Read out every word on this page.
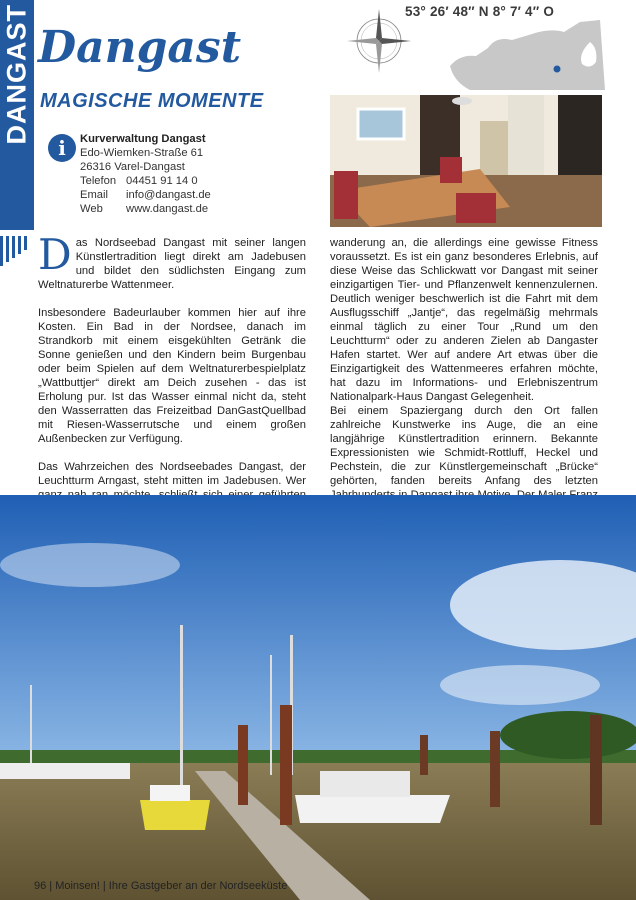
DANGAST Dangast
MAGISCHE MOMENTE
i	Kurverwaltung Dangast
Edo-Wiemken-Straße 61
26316 Varel-Dangast
Telefon 04451 91 14 0
Email info@dangast.de
Web www.dangast.de
53° 26′ 48″ N 8° 7′ 4″ O

Das Nordseebad Dangast mit seiner langen Künstlertradition liegt direkt am Jadebusen und bildet den südlichsten Eingang zum Weltnaturerbe Wattenmeer.

Insbesondere Badeurlauber kommen hier auf ihre Kosten. Ein Bad in der Nordsee, danach im Strandkorb mit einem eisgekühlten Getränk die Sonne genießen und den Kindern beim Burgenbau oder beim Spielen auf dem Weltnaturerbespielplatz „Wattbuttjer“ direkt am Deich zusehen - das ist Erholung pur. Ist das Wasser einmal nicht da, steht den Wasserratten das Freizeitbad DanGastQuellbad mit Riesen-Wasserrutsche und einem großen Außenbecken zur Verfügung.

Das Wahrzeichen des Nordseebades Dangast, der Leuchtturm Arngast, steht mitten im Jadebusen. Wer

wanderung an, die allerdings eine gewisse Fitness voraussetzt. Es ist ein ganz besonderes Erlebnis, auf diese Weise das Schlickwatt vor Dangast mit seiner einzigartigen Tier- und Pflanzenwelt kennenzulernen. Deutlich weniger beschwerlich ist die Fahrt mit dem Ausflugsschiff „Jantje“, das regelmäßig mehrmals einmal täglich zu einer Tour „Rund um den Leuchtturm“ oder zu anderen Zielen ab Dangaster Hafen startet. Wer auf andere Art etwas über die Einzigartigkeit des Wattenmeeres erfahren möchte, hat dazu im Informations- und Erlebniszentrum Nationalpark-Haus Dangast Gelegenheit.

Bei einem Spaziergang durch den Ort fallen zahlreiche Kunstwerke ins Auge, die an eine langjährige Künstlertradition erinnern. Bekannte Expressionisten wie Schmidt-Rottluff, Heckel und Pechstein, die zur Künstlergemeinschaft „Brücke“ gehörten, fanden bereits Anfang des letzten

96 | Moinsen! | Ihre Gastgeber an der Nordseeküste
